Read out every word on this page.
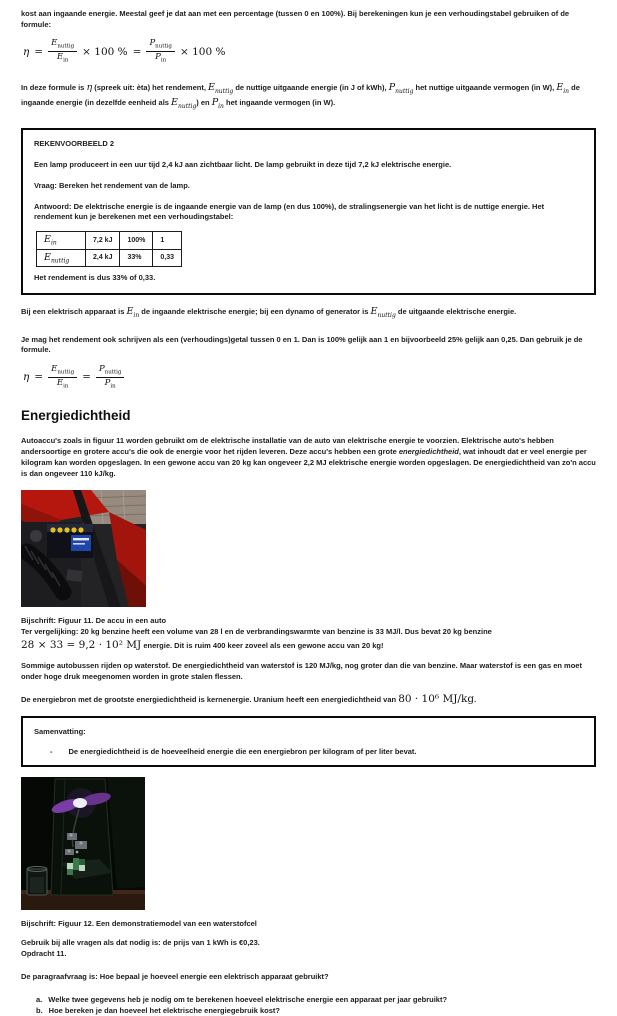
kost aan ingaande energie. Meestal geef je dat aan met een percentage (tussen 0 en 100%). Bij berekeningen kun je een verhoudingstabel gebruiken of de formule:

$\eta = \frac{E_{nuttig}}{E_{in}} \times 100$ % = $\frac{P_{nuttig}}{P_{in}} \times 100$ %

In deze formule is η (spreek uit: èta) het rendement, $E_{nuttig}$ de nuttige uitgaande energie (in J of kWh), $P_{nuttig}$ het nuttige uitgaande vermogen (in W), $E_{in}$ de ingaande energie (in dezelfde eenheid als $E_{nuttig}$) en $P_{in}$ het ingaande vermogen (in W).

REKENVOORBEELD 2

Een lamp produceert in een uur tijd 2,4 kJ aan zichtbaar licht. De lamp gebruikt in deze tijd 7,2 kJ elektrische energie.

Vraag: Bereken het rendement van de lamp.

Antwoord: De elektrische energie is de ingaande energie van de lamp (en dus 100%), de stralingsenergie van het licht is de nuttige energie. Het rendement kun je berekenen met een verhoudingstabel:

$E_{in}$	7,2 kJ	100%	1
$E_{nuttig}$	2,4 kJ	33%	0,33

Het rendement is dus 33% of 0,33.

Bij een elektrisch apparaat is $E_{in}$ de ingaande elektrische energie; bij een dynamo of generator is $E_{nuttig}$ de uitgaande elektrische energie.

Je mag het rendement ook schrijven als een (verhoudings)getal tussen 0 en 1. Dan is 100% gelijk aan 1 en bijvoorbeeld 25% gelijk aan 0,25. Dan gebruik je de formule.

$\eta = \frac{E_{nuttig}}{E_{in}} = \frac{P_{nuttig}}{P_{in}}$
Energiedichtheid

Autoaccu's zoals in figuur 11 worden gebruikt om de elektrische installatie van de auto van elektrische energie te voorzien. Elektrische auto's hebben andersoortige en grotere accu's die ook de energie voor het rijden leveren. Deze accu's hebben een grote energiedichtheid, wat inhoudt dat er veel energie per kilogram kan worden opgeslagen. In een gewone accu van 20 kg kan ongeveer 2,2 MJ elektrische energie worden opgeslagen. De energiedichtheid van zo'n accu is dan ongeveer 110 kJ/kg.

Bijschrift: Figuur 11. De accu in een auto

Ter vergelijking: 20 kg benzine heeft een volume van 28 l en de verbrandingswarmte van benzine is 33 MJ/l. Dus bevat 20 kg benzine 28 × 33 = 9,2 · 10² MJ energie. Dit is ruim 400 keer zoveel als een gewone accu van 20 kg!

Sommige autobussen rijden op waterstof. De energiedichtheid van waterstof is 120 MJ/kg, nog groter dan die van benzine. Maar waterstof is een gas en moet onder hoge druk meegenomen worden in grote stalen flessen.

De energiebron met de grootste energiedichtheid is kernenergie. Uranium heeft een energiedichtheid van 80 · 10⁶ MJ/kg.

Samenvatting:

- De energiedichtheid is de hoeveelheid energie die een energiebron per kilogram of per liter bevat.

Bijschrift: Figuur 12. Een demonstratiemodel van een waterstofcel

Gebruik bij alle vragen als dat nodig is: de prijs van 1 kWh is €0,23.

Opdracht 11.

De paragraafvraag is: Hoe bepaal je hoeveel energie een elektrisch apparaat gebruikt?

a. Welke twee gegevens heb je nodig om te berekenen hoeveel elektrische energie een apparaat per jaar gebruikt?
b. Hoe bereken je dan hoeveel het elektrische energiegebruik kost?
